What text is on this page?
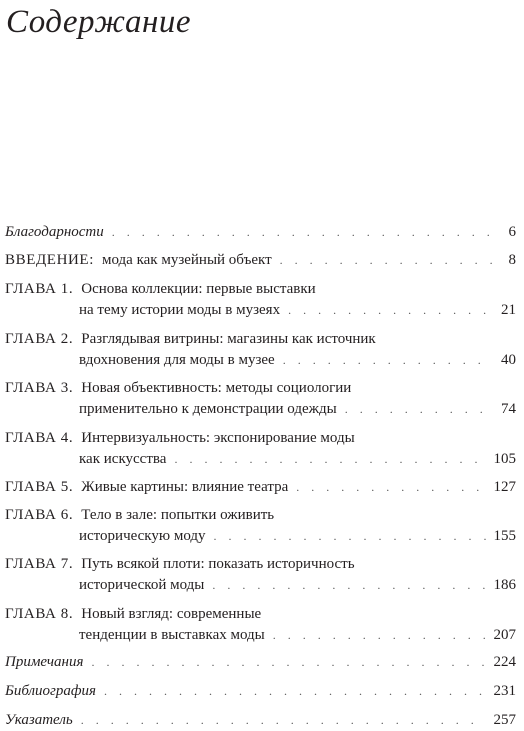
Содержание
Благодарности . . .	6
ВВЕДЕНИЕ: мода как музейный объект . . .	8
ГЛАВА 1. Основа коллекции: первые выставки
на тему истории моды в музеях . . .	21
ГЛАВА 2. Разглядывая витрины: магазины как источник
вдохновения для моды в музее . . .	40
ГЛАВА 3. Новая объективность: методы социологии
применительно к демонстрации одежды . . .	74
ГЛАВА 4. Интервизуальность: экспонирование моды
как искусства . . .	105
ГЛАВА 5. Живые картины: влияние театра . . .	127
ГЛАВА 6. Тело в зале: попытки оживить
историческую моду . . .	155
ГЛАВА 7. Путь всякой плоти: показать историчность
исторической моды . . .	186
ГЛАВА 8. Новый взгляд: современные
тенденции в выставках моды . . .	207
Примечания . . .	224
Библиография . . .	231
Указатель . . .	257
